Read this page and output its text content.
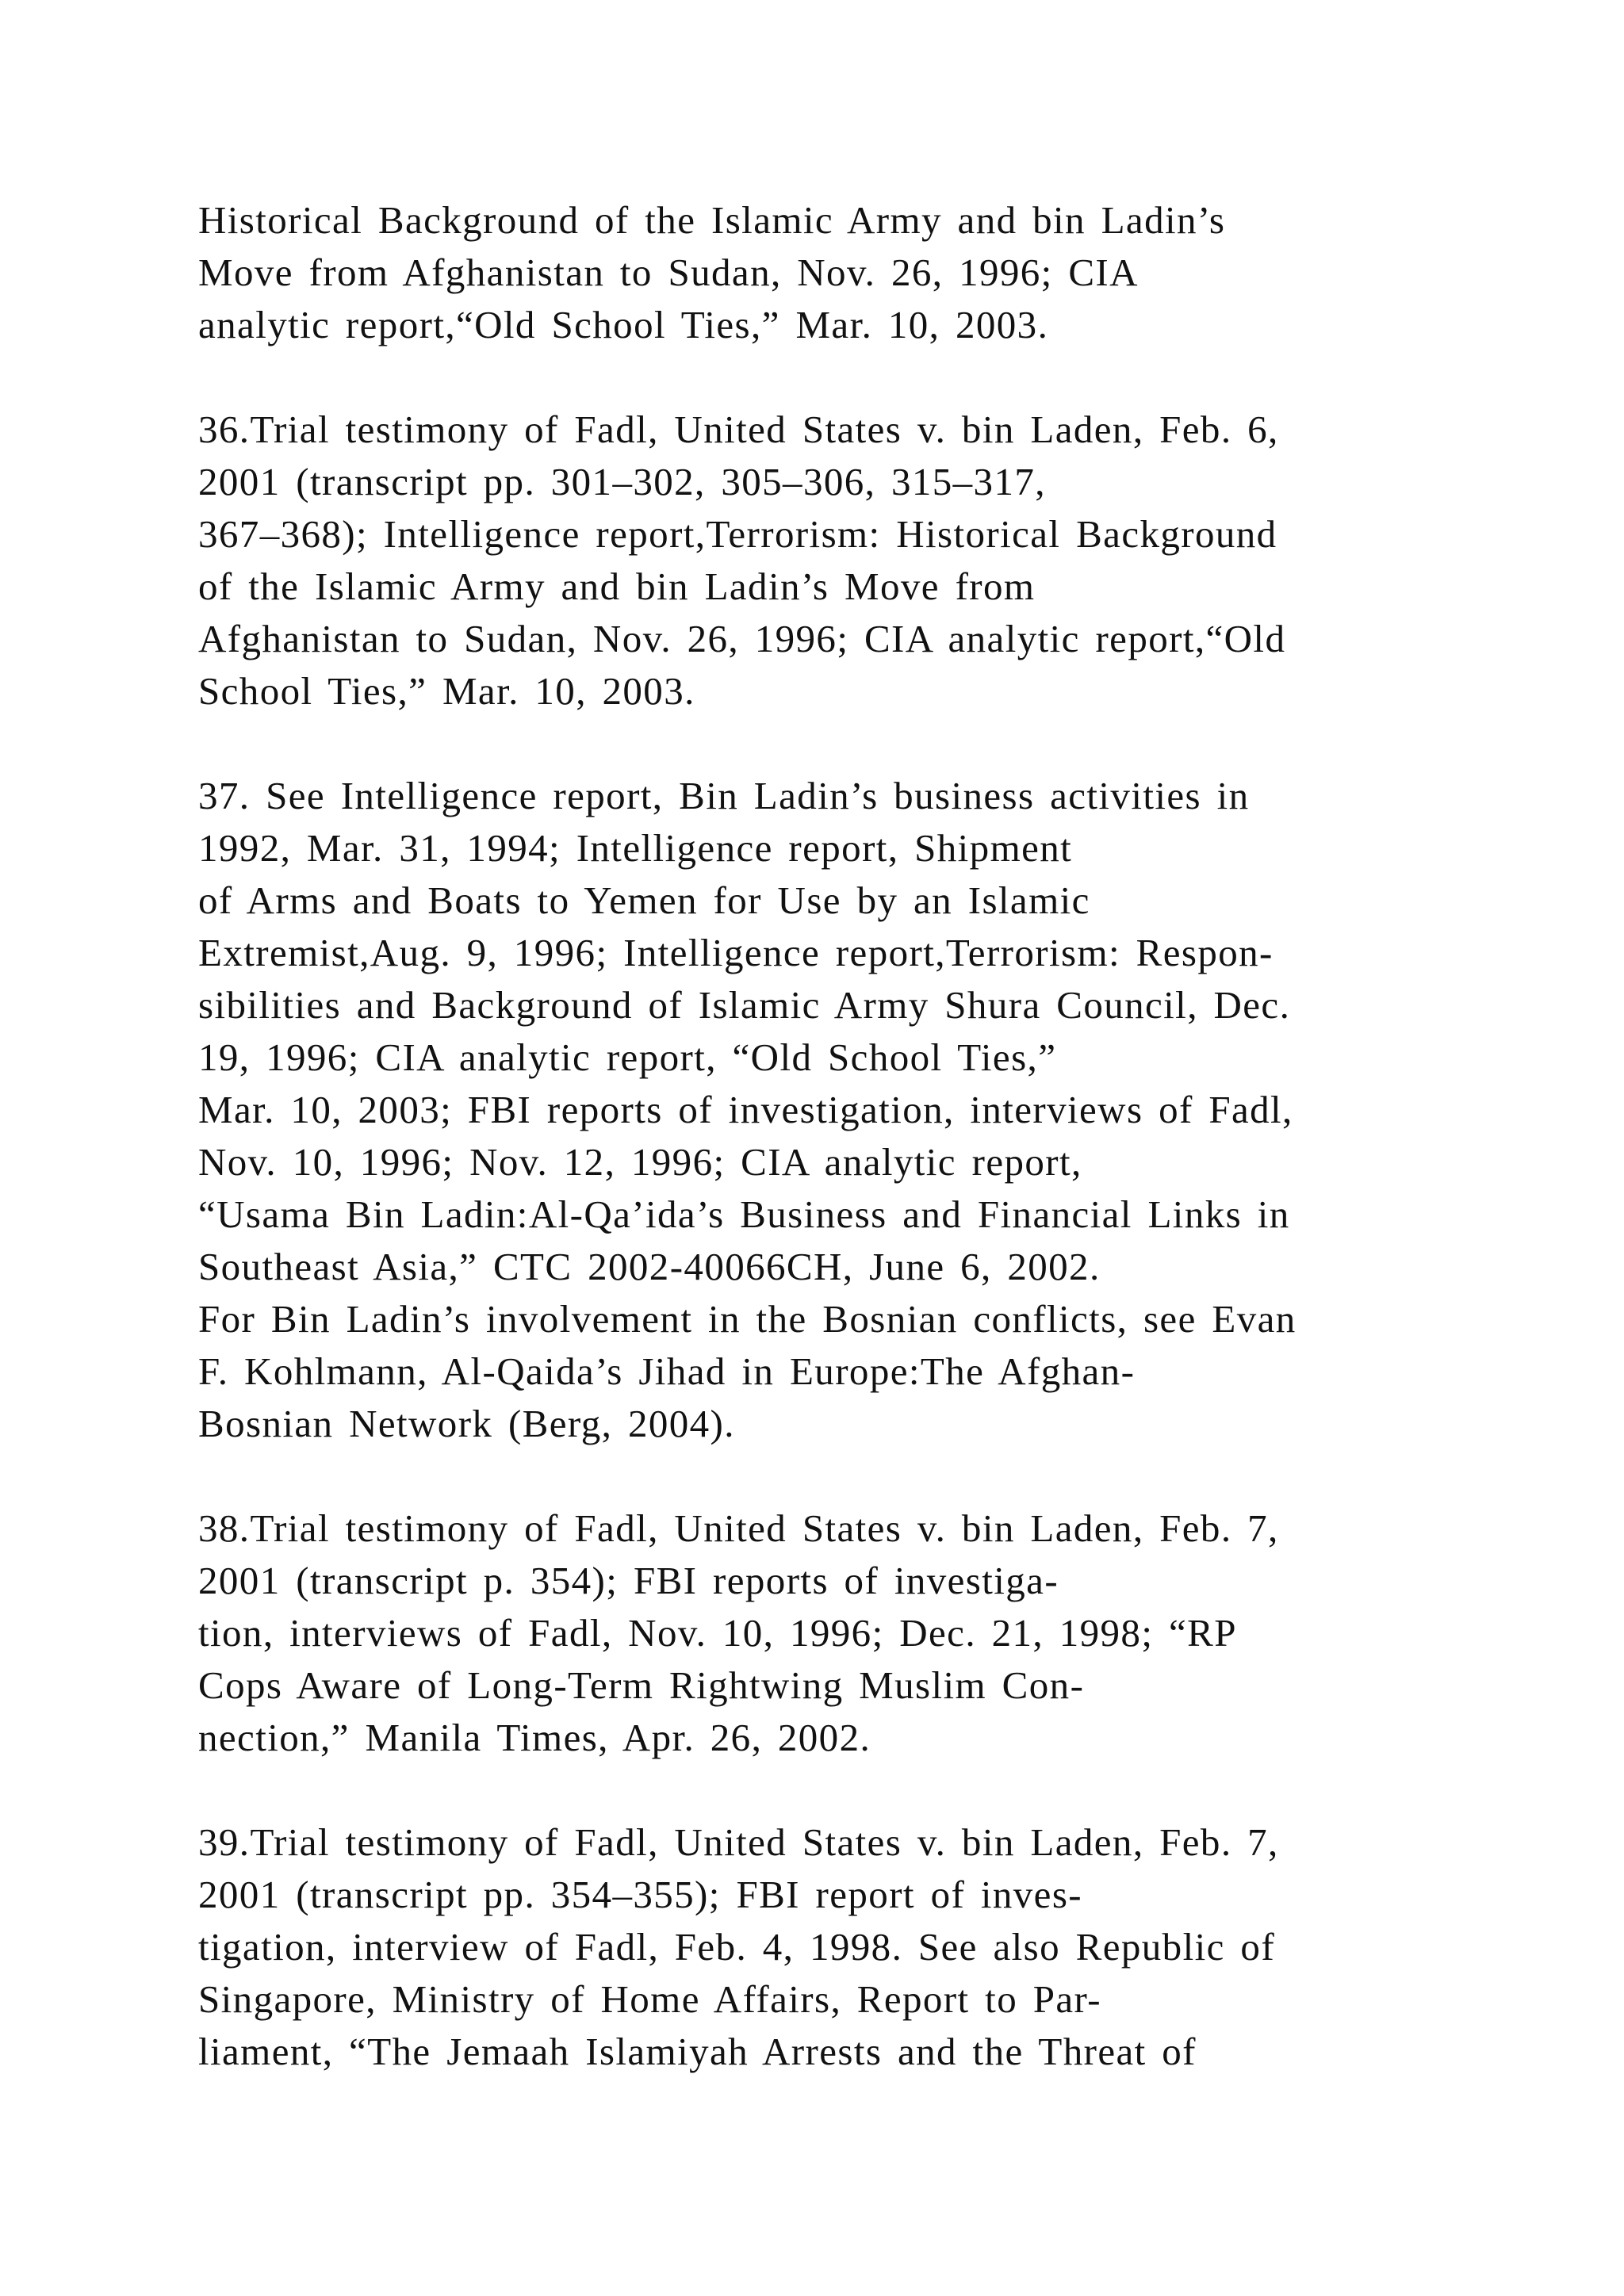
Historical Background of the Islamic Army and bin Ladin’s
Move from Afghanistan to Sudan, Nov. 26, 1996; CIA
analytic report,“Old School Ties,” Mar. 10, 2003.

36.Trial testimony of Fadl, United States v. bin Laden, Feb. 6,
2001 (transcript pp. 301–302, 305–306, 315–317,
367–368); Intelligence report,Terrorism: Historical Background
of the Islamic Army and bin Ladin’s Move from
Afghanistan to Sudan, Nov. 26, 1996; CIA analytic report,“Old
School Ties,” Mar. 10, 2003.

37. See Intelligence report, Bin Ladin’s business activities in
1992, Mar. 31, 1994; Intelligence report, Shipment
of Arms and Boats to Yemen for Use by an Islamic
Extremist,Aug. 9, 1996; Intelligence report,Terrorism: Respon-
sibilities and Background of Islamic Army Shura Council, Dec.
19, 1996; CIA analytic report, “Old School Ties,”
Mar. 10, 2003; FBI reports of investigation, interviews of Fadl,
Nov. 10, 1996; Nov. 12, 1996; CIA analytic report,
“Usama Bin Ladin:Al-Qa’ida’s Business and Financial Links in
Southeast Asia,” CTC 2002-40066CH, June 6, 2002.
For Bin Ladin’s involvement in the Bosnian conflicts, see Evan
F. Kohlmann, Al-Qaida’s Jihad in Europe:The Afghan-
Bosnian Network (Berg, 2004).

38.Trial testimony of Fadl, United States v. bin Laden, Feb. 7,
2001 (transcript p. 354); FBI reports of investiga-
tion, interviews of Fadl, Nov. 10, 1996; Dec. 21, 1998; “RP
Cops Aware of Long-Term Rightwing Muslim Con-
nection,” Manila Times, Apr. 26, 2002.

39.Trial testimony of Fadl, United States v. bin Laden, Feb. 7,
2001 (transcript pp. 354–355); FBI report of inves-
tigation, interview of Fadl, Feb. 4, 1998. See also Republic of
Singapore, Ministry of Home Affairs, Report to Par-
liament, “The Jemaah Islamiyah Arrests and the Threat of
